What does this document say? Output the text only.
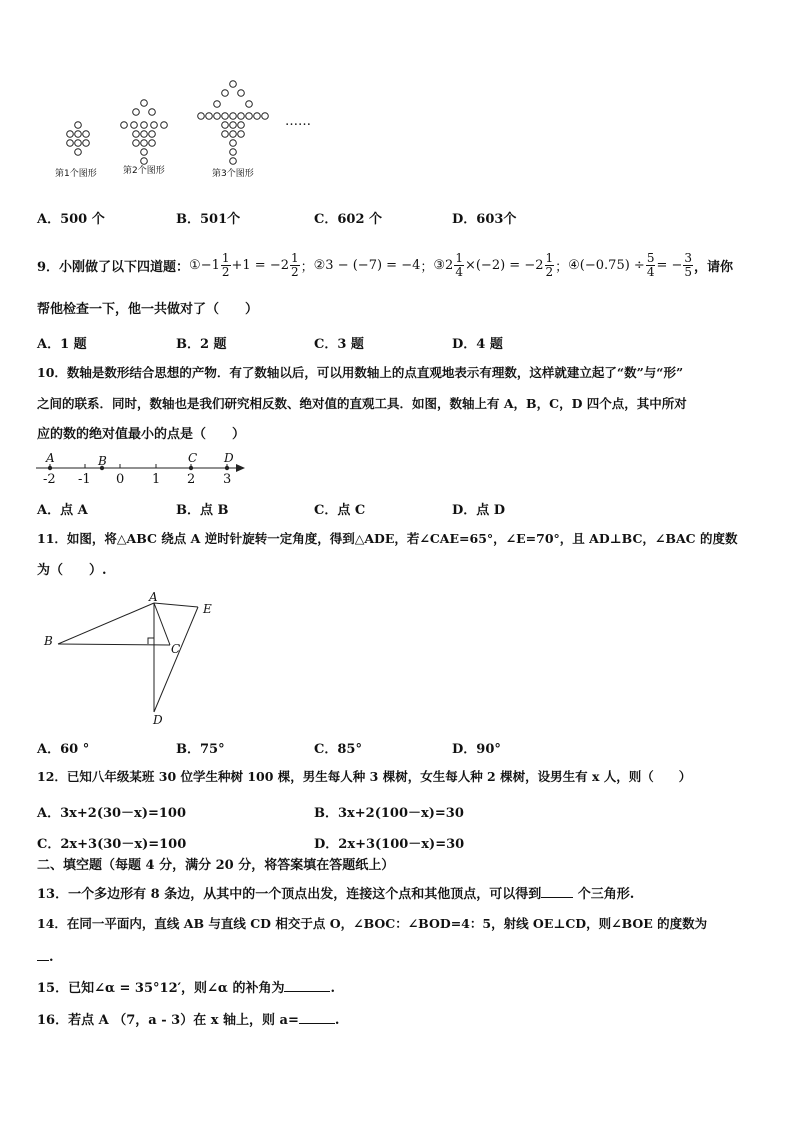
第1个图形	第2个图形	第3个图形
……
A．500 个	B．501个	C．602 个	D．603个
9．小刚做了以下四道题： ①−1 $\frac{1}{2} +1 = -2 \frac{1}{2}$ ； ②3 − (−7) = −4 ； ③2 $\frac{1}{4} \times(-2) = -2 \frac{1}{2}$ ； ④(−0.75) ÷ $\frac{5}{4}$ = − $\frac{3}{5}$ ，请你
帮他检查一下，他一共做对了（　　）
A．1 题	B．2 题	C．3 题	D．4 题
10．数轴是数形结合思想的产物．有了数轴以后，可以用数轴上的点直观地表示有理数，这样就建立起了“数”与“形”
之间的联系．同时，数轴也是我们研究相反数、绝对值的直观工具．如图，数轴上有 A，B，C，D 四个点，其中所对
应的数的绝对值最小的点是（　　）
A	B	C D
-2 -1 0 1 2 3
A．点 A	B．点 B	C．点 C	D．点 D
11．如图，将△ABC 绕点 A 逆时针旋转一定角度，得到△ADE，若∠CAE=65°，∠E=70°，且 AD⊥BC，∠BAC 的度数
为（　　）.
A
B
C
D
E
A．60 °	B．75°	C．85°	D．90°
12．已知八年级某班 30 位学生种树 100 棵，男生每人种 3 棵树，女生每人种 2 棵树，设男生有 x 人，则（　　）
A．3x+2(30－x)=100	B．3x+2(100－x)=30
C．2x+3(30－x)=100	D．2x+3(100－x)=30
二、填空题（每题 4 分，满分 20 分，将答案填在答题纸上）
13．一个多边形有 8 条边，从其中的一个顶点出发，连接这个点和其他顶点，可以得到 个三角形.
14．在同一平面内，直线 AB 与直线 CD 相交于点 O，∠BOC：∠BOD=4：5，射线 OE⊥CD，则∠BOE 的度数为
.
15．已知∠α = 35°12′，则∠α 的补角为	.
16．若点 A （7，a - 3）在 x 轴上，则 a=	.
